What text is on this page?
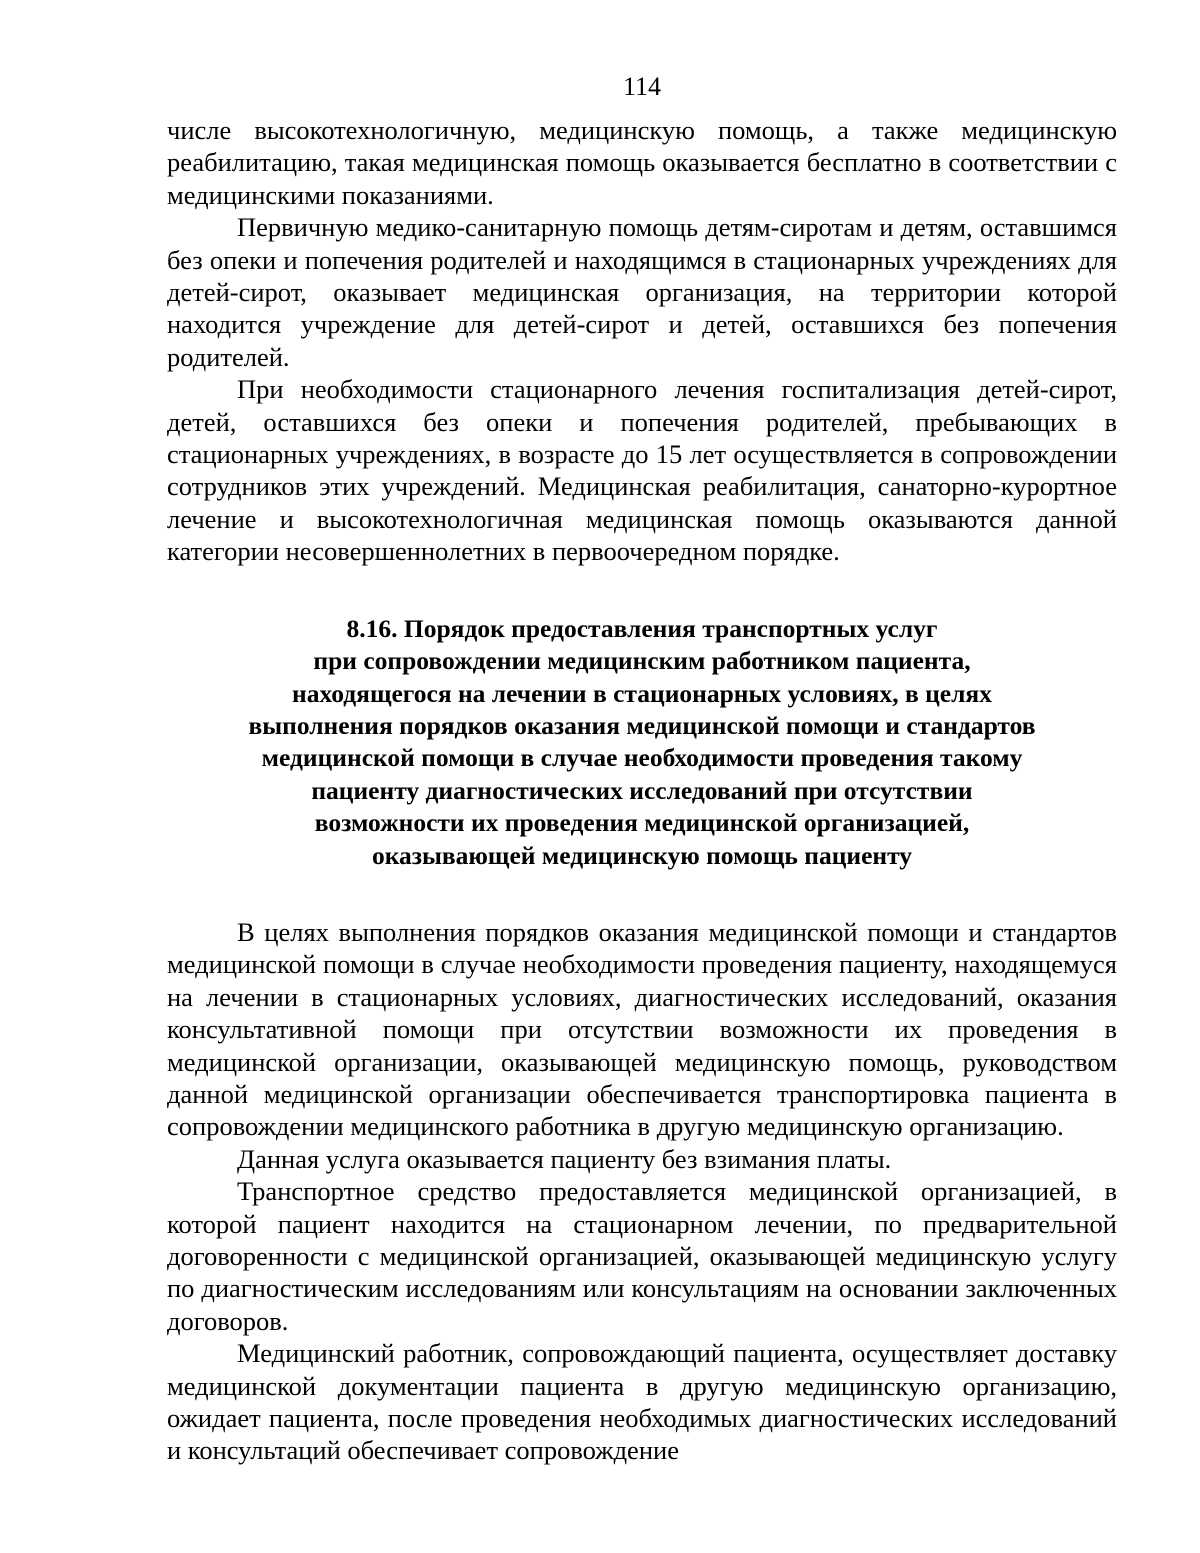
114

числе высокотехнологичную, медицинскую помощь, а также медицинскую реабилитацию, такая медицинская помощь оказывается бесплатно в соответствии с медицинскими показаниями.

Первичную медико-санитарную помощь детям-сиротам и детям, оставшимся без опеки и попечения родителей и находящимся в стационарных учреждениях для детей-сирот, оказывает медицинская организация, на территории которой находится учреждение для детей-сирот и детей, оставшихся без попечения родителей.

При необходимости стационарного лечения госпитализация детей-сирот, детей, оставшихся без опеки и попечения родителей, пребывающих в стационарных учреждениях, в возрасте до 15 лет осуществляется в сопровождении сотрудников этих учреждений. Медицинская реабилитация, санаторно-курортное лечение и высокотехнологичная медицинская помощь оказываются данной категории несовершеннолетних в первоочередном порядке.

8.16. Порядок предоставления транспортных услуг
при сопровождении медицинским работником пациента,
находящегося на лечении в стационарных условиях, в целях
выполнения порядков оказания медицинской помощи и стандартов
медицинской помощи в случае необходимости проведения такому
пациенту диагностических исследований при отсутствии
возможности их проведения медицинской организацией,
оказывающей медицинскую помощь пациенту

В целях выполнения порядков оказания медицинской помощи и стандартов медицинской помощи в случае необходимости проведения пациенту, находящемуся на лечении в стационарных условиях, диагностических исследований, оказания консультативной помощи при отсутствии возможности их проведения в медицинской организации, оказывающей медицинскую помощь, руководством данной медицинской организации обеспечивается транспортировка пациента в сопровождении медицинского работника в другую медицинскую организацию.

Данная услуга оказывается пациенту без взимания платы.

Транспортное средство предоставляется медицинской организацией, в которой пациент находится на стационарном лечении, по предварительной договоренности с медицинской организацией, оказывающей медицинскую услугу по диагностическим исследованиям или консультациям на основании заключенных договоров.

Медицинский работник, сопровождающий пациента, осуществляет доставку медицинской документации пациента в другую медицинскую организацию, ожидает пациента, после проведения необходимых диагностических исследований и консультаций обеспечивает сопровождение
